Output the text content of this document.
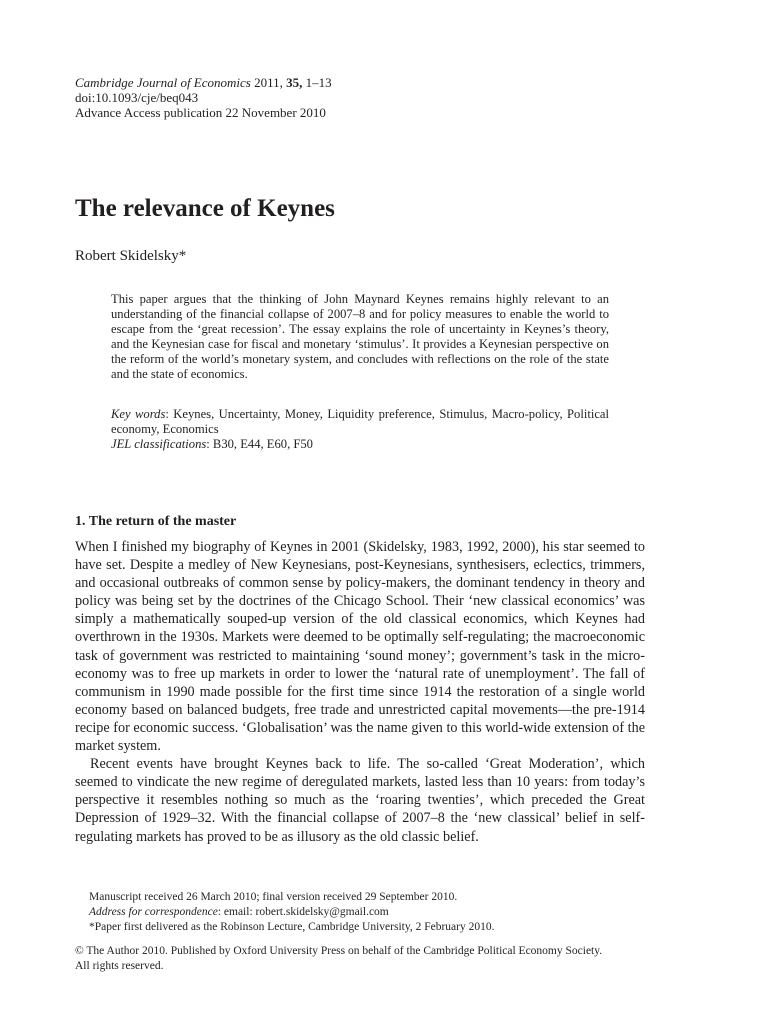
Cambridge Journal of Economics 2011, 35, 1–13
doi:10.1093/cje/beq043
Advance Access publication 22 November 2010
The relevance of Keynes
Robert Skidelsky*

This paper argues that the thinking of John Maynard Keynes remains highly relevant to an understanding of the financial collapse of 2007–8 and for policy measures to enable the world to escape from the ‘great recession’. The essay explains the role of uncertainty in Keynes’s theory, and the Keynesian case for fiscal and monetary ‘stimulus’. It provides a Keynesian perspective on the reform of the world’s monetary system, and concludes with reflections on the role of the state and the state of economics.

Key words: Keynes, Uncertainty, Money, Liquidity preference, Stimulus, Macro-policy, Political economy, Economics

JEL classifications: B30, E44, E60, F50

1. The return of the master

When I finished my biography of Keynes in 2001 (Skidelsky, 1983, 1992, 2000), his star seemed to have set. Despite a medley of New Keynesians, post-Keynesians, synthesisers, eclectics, trimmers, and occasional outbreaks of common sense by policy-makers, the dominant tendency in theory and policy was being set by the doctrines of the Chicago School. Their ‘new classical economics’ was simply a mathematically souped-up version of the old classical economics, which Keynes had overthrown in the 1930s. Markets were deemed to be optimally self-regulating; the macroeconomic task of government was restricted to maintaining ‘sound money’; government’s task in the micro-economy was to free up markets in order to lower the ‘natural rate of unemployment’. The fall of communism in 1990 made possible for the first time since 1914 the restoration of a single world economy based on balanced budgets, free trade and unrestricted capital movements—the pre-1914 recipe for economic success. ‘Globalisation’ was the name given to this world-wide extension of the market system.

Recent events have brought Keynes back to life. The so-called ‘Great Moderation’, which seemed to vindicate the new regime of deregulated markets, lasted less than 10 years: from today’s perspective it resembles nothing so much as the ‘roaring twenties’, which preceded the Great Depression of 1929–32. With the financial collapse of 2007–8 the ‘new classical’ belief in self-regulating markets has proved to be as illusory as the old classic belief.

Manuscript received 26 March 2010; final version received 29 September 2010.
Address for correspondence: email: robert.skidelsky@gmail.com
*Paper first delivered as the Robinson Lecture, Cambridge University, 2 February 2010.
© The Author 2010. Published by Oxford University Press on behalf of the Cambridge Political Economy Society.
All rights reserved.
